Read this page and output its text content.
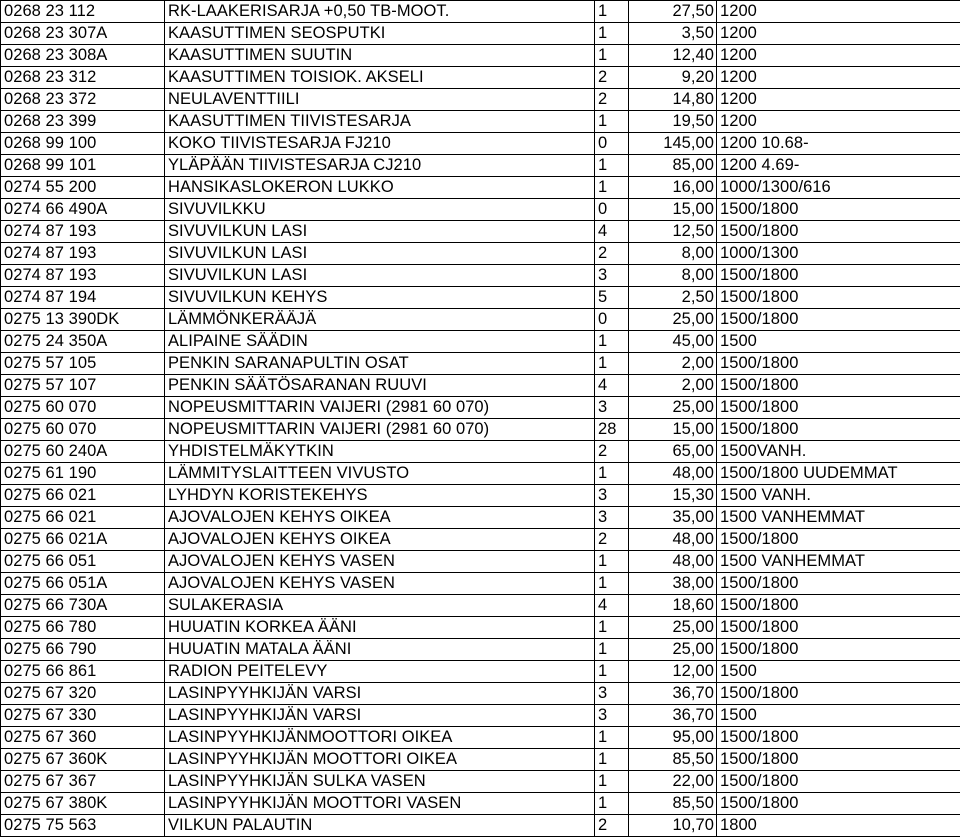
0268 23 112	RK-LAAKERISARJA +0,50 TB-MOOT.	1	27,50 1200
0268 23 307A	KAASUTTIMEN SEOSPUTKI	1	3,50 1200
0268 23 308A	KAASUTTIMEN SUUTIN	1	12,40 1200
0268 23 312	KAASUTTIMEN TOISIOK. AKSELI	2	9,20 1200
0268 23 372	NEULAVENTTIILI	2	14,80 1200
0268 23 399	KAASUTTIMEN TIIVISTESARJA	1	19,50 1200
0268 99 100	KOKO TIIVISTESARJA FJ210	0	145,00 1200 10.68-
0268 99 101	YLÄPÄÄN TIIVISTESARJA CJ210	1	85,00 1200 4.69-
0274 55 200	HANSIKASLOKERON LUKKO	1	16,00 1000/1300/616
0274 66 490A	SIVUVILKKU	0	15,00 1500/1800
0274 87 193	SIVUVILKUN LASI	4	12,50 1500/1800
0274 87 193	SIVUVILKUN LASI	2	8,00 1000/1300
0274 87 193	SIVUVILKUN LASI	3	8,00 1500/1800
0274 87 194	SIVUVILKUN KEHYS	5	2,50 1500/1800
0275 13 390DK	LÄMMÖNKERÄÄJÄ	0	25,00 1500/1800
0275 24 350A	ALIPAINE SÄÄDIN	1	45,00 1500
0275 57 105	PENKIN SARANAPULTIN OSAT	1	2,00 1500/1800
0275 57 107	PENKIN SÄÄTÖSARANAN RUUVI	4	2,00 1500/1800
0275 60 070	NOPEUSMITTARIN VAIJERI (2981 60 070)	3	25,00 1500/1800
0275 60 070	NOPEUSMITTARIN VAIJERI (2981 60 070)	28	15,00 1500/1800
0275 60 240A	YHDISTELMÄKYTKIN	2	65,00 1500VANH.
0275 61 190	LÄMMITYSLAITTEEN VIVUSTO	1	48,00 1500/1800 UUDEMMAT
0275 66 021	LYHDYN KORISTEKEHYS	3	15,30 1500 VANH.
0275 66 021	AJOVALOJEN KEHYS OIKEA	3	35,00 1500 VANHEMMAT
0275 66 021A	AJOVALOJEN KEHYS OIKEA	2	48,00 1500/1800
0275 66 051	AJOVALOJEN KEHYS VASEN	1	48,00 1500 VANHEMMAT
0275 66 051A	AJOVALOJEN KEHYS VASEN	1	38,00 1500/1800
0275 66 730A	SULAKERASIA	4	18,60 1500/1800
0275 66 780	HUUATIN KORKEA ÄÄNI	1	25,00 1500/1800
0275 66 790	HUUATIN MATALA ÄÄNI	1	25,00 1500/1800
0275 66 861	RADION PEITELEVY	1	12,00 1500
0275 67 320	LASINPYYHKIJÄN VARSI	3	36,70 1500/1800
0275 67 330	LASINPYYHKIJÄN VARSI	3	36,70 1500
0275 67 360	LASINPYYHKIJÄNMOOTTORI OIKEA	1	95,00 1500/1800
0275 67 360K	LASINPYYHKIJÄN MOOTTORI OIKEA	1	85,50 1500/1800
0275 67 367	LASINPYYHKIJÄN SULKA VASEN	1	22,00 1500/1800
0275 67 380K	LASINPYYHKIJÄN MOOTTORI VASEN	1	85,50 1500/1800
0275 75 563	VILKUN PALAUTIN	2	10,70 1800
